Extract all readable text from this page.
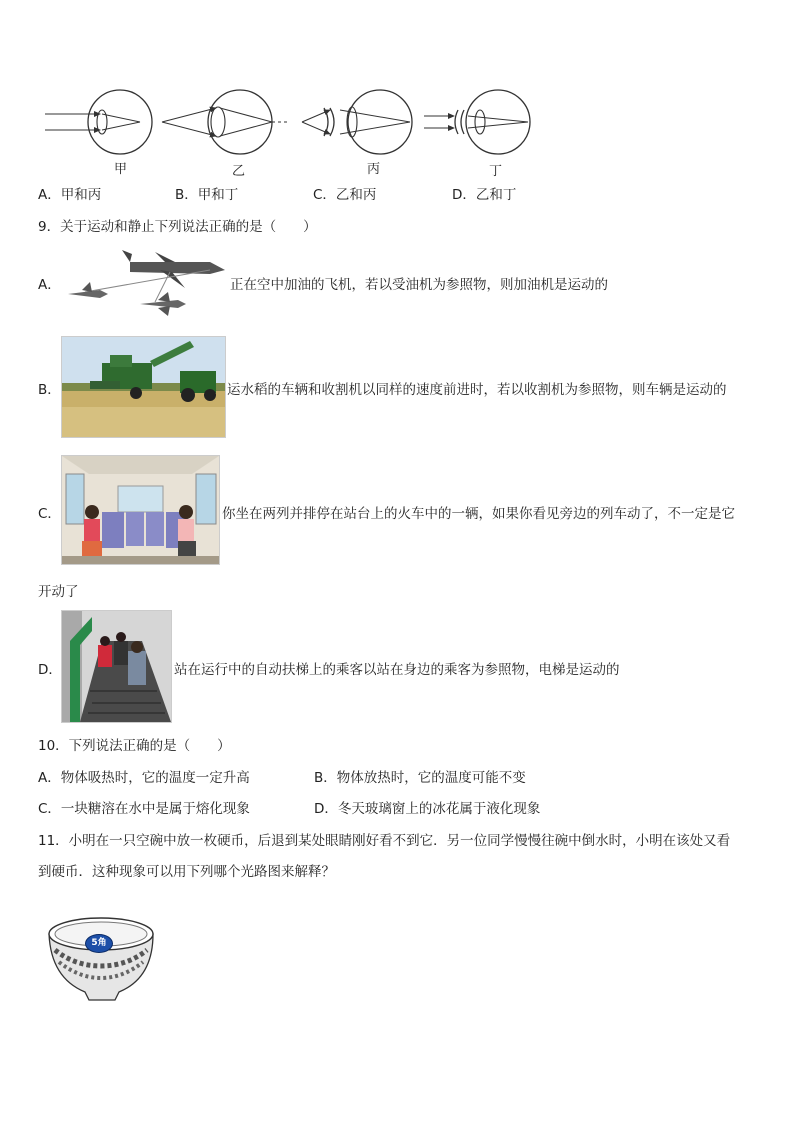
甲	乙	丙	丁
A．甲和丙	B．甲和丁	C．乙和丙	D．乙和丁
9．关于运动和静止下列说法正确的是（　　）
A．	正在空中加油的飞机，若以受油机为参照物，则加油机是运动的
B．	运水稻的车辆和收割机以同样的速度前进时，若以收割机为参照物，则车辆是运动的
C．	你坐在两列并排停在站台上的火车中的一辆，如果你看见旁边的列车动了，不一定是它
开动了
D．	站在运行中的自动扶梯上的乘客以站在身边的乘客为参照物，电梯是运动的
10．下列说法正确的是（　　）
A．物体吸热时，它的温度一定升高	B．物体放热时，它的温度可能不变
C．一块糖溶在水中是属于熔化现象	D．冬天玻璃窗上的冰花属于液化现象
11．小明在一只空碗中放一枚硬币，后退到某处眼睛刚好看不到它．另一位同学慢慢往碗中倒水时，小明在该处又看
到硬币．这种现象可以用下列哪个光路图来解释？
5角
